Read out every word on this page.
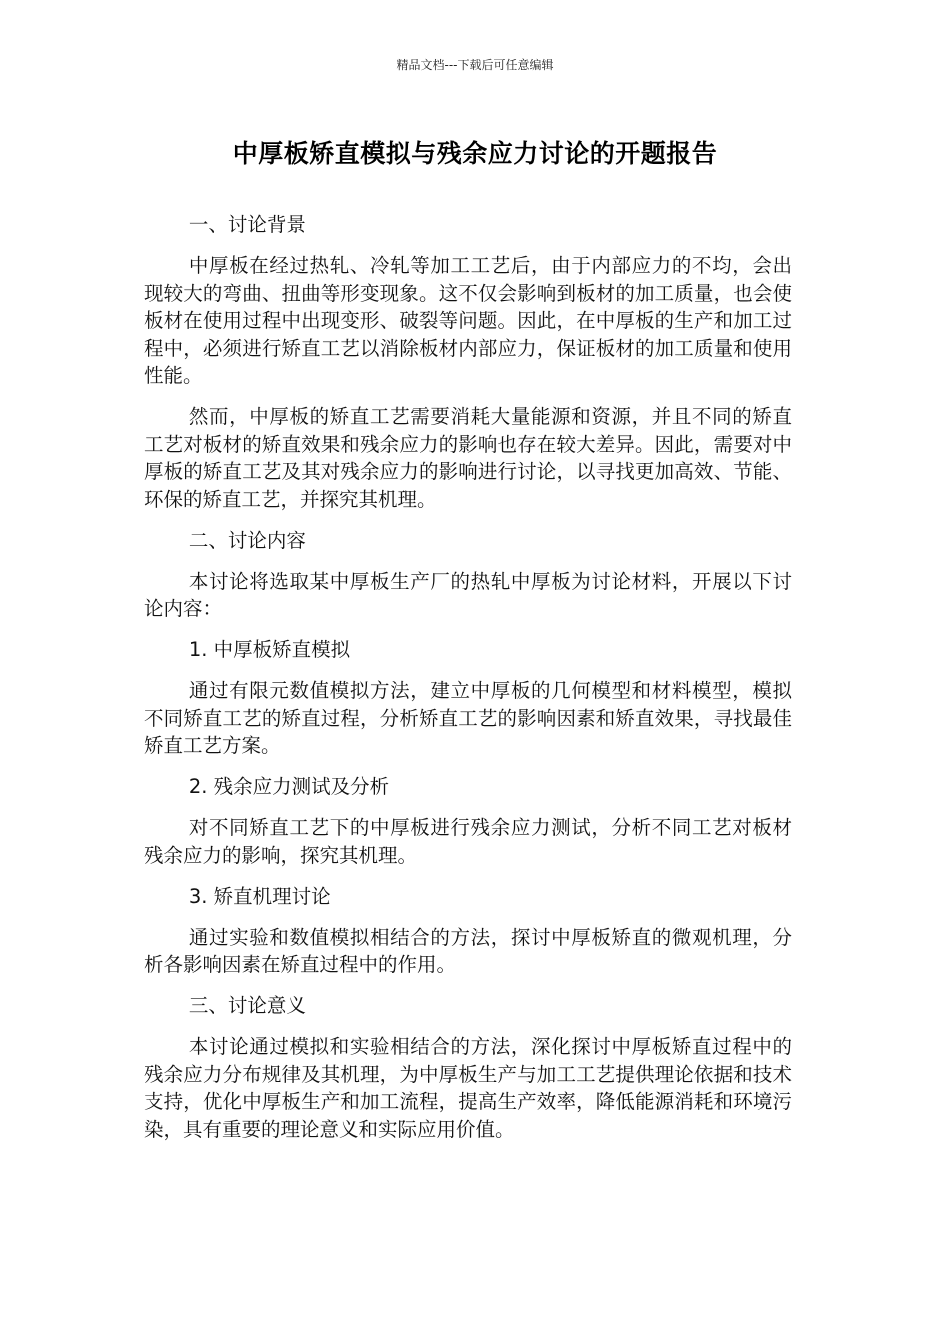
精品文档---下载后可任意编辑
中厚板矫直模拟与残余应力讨论的开题报告

一、讨论背景

中厚板在经过热轧、冷轧等加工工艺后，由于内部应力的不均，会出现较大的弯曲、扭曲等形变现象。这不仅会影响到板材的加工质量，也会使板材在使用过程中出现变形、破裂等问题。因此，在中厚板的生产和加工过程中，必须进行矫直工艺以消除板材内部应力，保证板材的加工质量和使用性能。

然而，中厚板的矫直工艺需要消耗大量能源和资源，并且不同的矫直工艺对板材的矫直效果和残余应力的影响也存在较大差异。因此，需要对中厚板的矫直工艺及其对残余应力的影响进行讨论，以寻找更加高效、节能、环保的矫直工艺，并探究其机理。

二、讨论内容

本讨论将选取某中厚板生产厂的热轧中厚板为讨论材料，开展以下讨论内容：

1. 中厚板矫直模拟

通过有限元数值模拟方法，建立中厚板的几何模型和材料模型，模拟不同矫直工艺的矫直过程，分析矫直工艺的影响因素和矫直效果，寻找最佳矫直工艺方案。

2. 残余应力测试及分析

对不同矫直工艺下的中厚板进行残余应力测试，分析不同工艺对板材残余应力的影响，探究其机理。

3. 矫直机理讨论

通过实验和数值模拟相结合的方法，探讨中厚板矫直的微观机理，分析各影响因素在矫直过程中的作用。

三、讨论意义

本讨论通过模拟和实验相结合的方法，深化探讨中厚板矫直过程中的残余应力分布规律及其机理，为中厚板生产与加工工艺提供理论依据和技术支持，优化中厚板生产和加工流程，提高生产效率，降低能源消耗和环境污染，具有重要的理论意义和实际应用价值。
